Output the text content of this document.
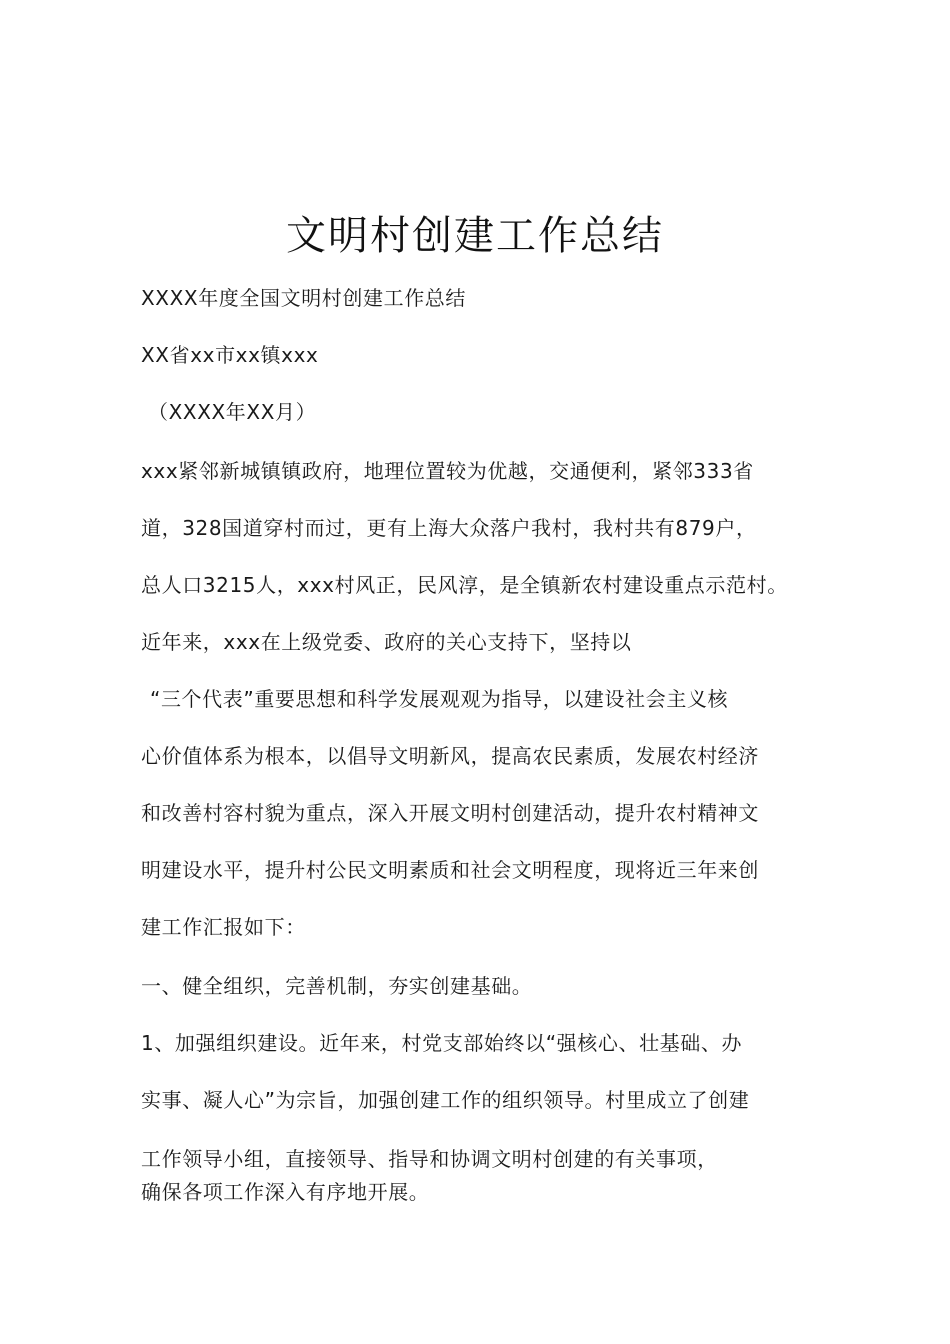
文明村创建工作总结
XXXX年度全国文明村创建工作总结
XX省xx市xx镇xxx
（XXXX年XX月）
xxx紧邻新城镇镇政府，地理位置较为优越，交通便利，紧邻333省
道，328国道穿村而过，更有上海大众落户我村，我村共有879户，
总人口3215人，xxx村风正，民风淳，是全镇新农村建设重点示范村。
近年来，xxx在上级党委、政府的关心支持下，坚持以
“三个代表”重要思想和科学发展观观为指导，以建设社会主义核
心价值体系为根本，以倡导文明新风，提高农民素质，发展农村经济
和改善村容村貌为重点，深入开展文明村创建活动，提升农村精神文
明建设水平，提升村公民文明素质和社会文明程度，现将近三年来创
建工作汇报如下：
一、健全组织，完善机制，夯实创建基础。
1、加强组织建设。近年来，村党支部始终以“强核心、壮基础、办
实事、凝人心”为宗旨，加强创建工作的组织领导。村里成立了创建
工作领导小组，直接领导、指导和协调文明村创建的有关事项，
确保各项工作深入有序地开展。
